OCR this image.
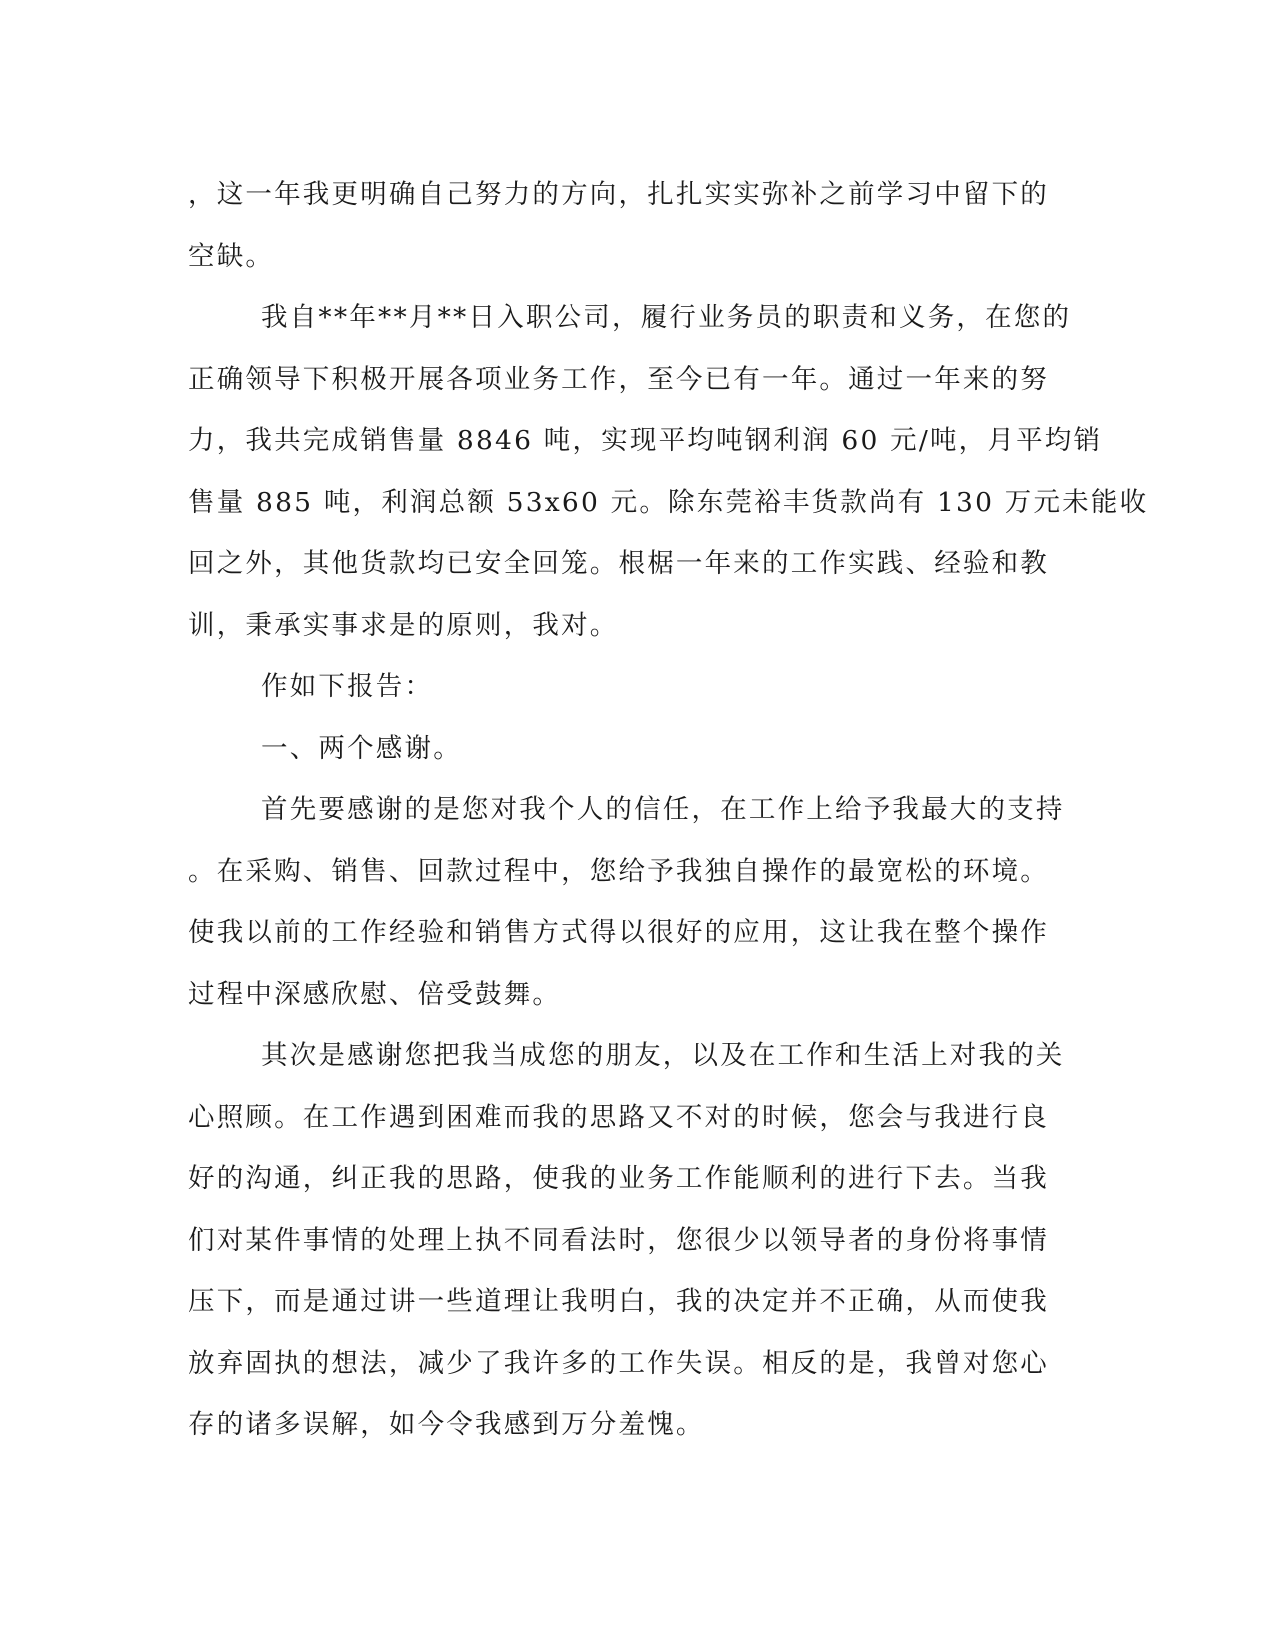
，这一年我更明确自己努力的方向，扎扎实实弥补之前学习中留下的
空缺。
我自**年**月**日入职公司，履行业务员的职责和义务，在您的
正确领导下积极开展各项业务工作，至今已有一年。通过一年来的努
力，我共完成销售量 8846 吨，实现平均吨钢利润 60 元/吨，月平均销
售量 885 吨，利润总额 53x60 元。除东莞裕丰货款尚有 130 万元未能收
回之外，其他货款均已安全回笼。根椐一年来的工作实践、经验和教
训，秉承实事求是的原则，我对。
作如下报告：
一、两个感谢。
首先要感谢的是您对我个人的信任，在工作上给予我最大的支持
。在采购、销售、回款过程中，您给予我独自操作的最宽松的环境。
使我以前的工作经验和销售方式得以很好的应用，这让我在整个操作
过程中深感欣慰、倍受鼓舞。
其次是感谢您把我当成您的朋友，以及在工作和生活上对我的关
心照顾。在工作遇到困难而我的思路又不对的时候，您会与我进行良
好的沟通，纠正我的思路，使我的业务工作能顺利的进行下去。当我
们对某件事情的处理上执不同看法时，您很少以领导者的身份将事情
压下，而是通过讲一些道理让我明白，我的决定并不正确，从而使我
放弃固执的想法，减少了我许多的工作失误。相反的是，我曾对您心
存的诸多误解，如今令我感到万分羞愧。
